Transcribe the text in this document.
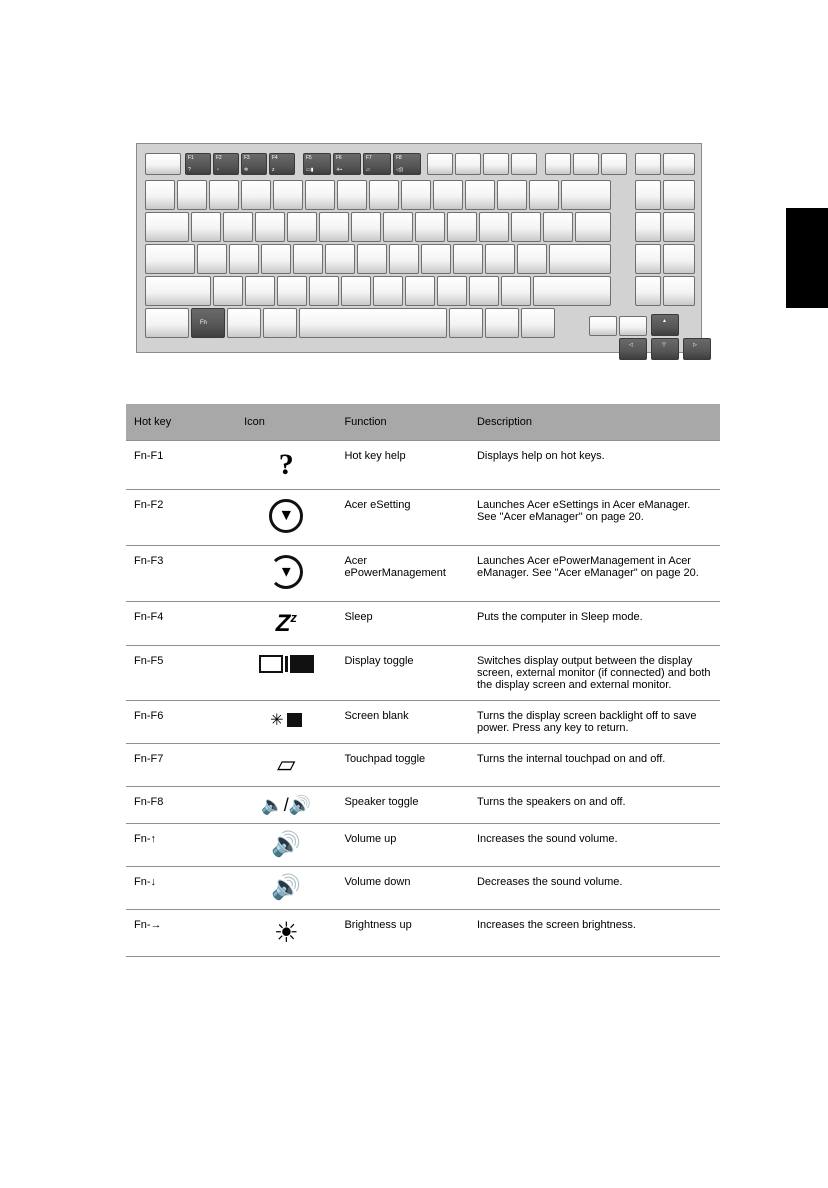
F1
?
F2
◔
F3
✲
F4
z
F5
▭▮
F6
✳▪
F7
▱
F8
◁))
Fn	▲
◁	▽	▷
Hot key	Icon	Function	Description
Fn-F1	?	Hot key help	Displays help on hot keys.
Fn-F2	▼	Acer eSetting	Launches Acer eSettings in Acer eManager. See "Acer eManager" on page 20.
Fn-F3	▼	Acer ePowerManagement	Launches Acer ePowerManagement in Acer eManager. See "Acer eManager" on page 20.
Fn-F4	$Z^z$	Sleep	Puts the computer in Sleep mode.
Fn-F5		Display toggle	Switches display output between the display screen, external monitor (if connected) and both the display screen and external monitor.
Fn-F6	✳	Screen blank	Turns the display screen backlight off to save power. Press any key to return.
Fn-F7	▱	Touchpad toggle	Turns the internal touchpad on and off.
Fn-F8	🔈/🔊	Speaker toggle	Turns the speakers on and off.
Fn-↑	🔊	Volume up	Increases the sound volume.
Fn-↓	🔊	Volume down	Decreases the sound volume.
Fn-→	☀	Brightness up	Increases the screen brightness.
